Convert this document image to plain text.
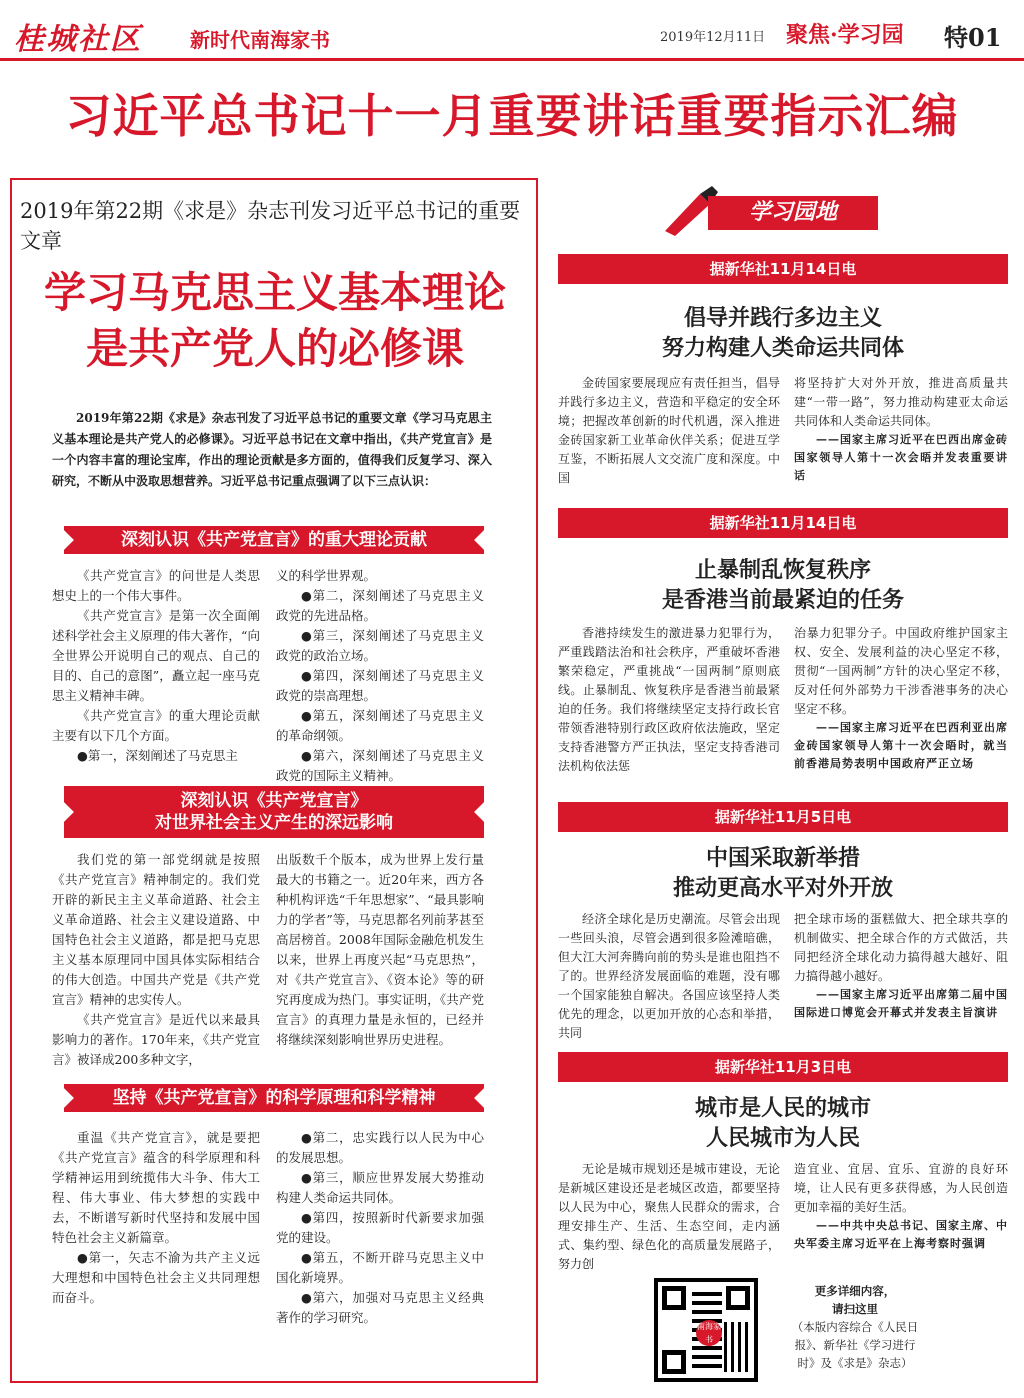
桂城社区 新时代南海家书	2019年12月11日 聚焦·学习园 特01
习近平总书记十一月重要讲话重要指示汇编
2019年第22期《求是》杂志刊发习近平总书记的重要文章
学习马克思主义基本理论
是共产党人的必修课
2019年第22期《求是》杂志刊发了习近平总书记的重要文章《学习马克思主义基本理论是共产党人的必修课》。习近平总书记在文章中指出，《共产党宣言》是一个内容丰富的理论宝库，作出的理论贡献是多方面的，值得我们反复学习、深入研究，不断从中汲取思想营养。习近平总书记重点强调了以下三点认识：
深刻认识《共产党宣言》的重大理论贡献

《共产党宣言》的问世是人类思想史上的一个伟大事件。

《共产党宣言》是第一次全面阐述科学社会主义原理的伟大著作，“向全世界公开说明自己的观点、自己的目的、自己的意图”，矗立起一座马克思主义精神丰碑。

《共产党宣言》的重大理论贡献主要有以下几个方面。

●第一，深刻阐述了马克思主

义的科学世界观。

●第二，深刻阐述了马克思主义政党的先进品格。

●第三，深刻阐述了马克思主义政党的政治立场。

●第四，深刻阐述了马克思主义政党的崇高理想。

●第五，深刻阐述了马克思主义的革命纲领。

●第六，深刻阐述了马克思主义政党的国际主义精神。

深刻认识《共产党宣言》
对世界社会主义产生的深远影响

我们党的第一部党纲就是按照《共产党宣言》精神制定的。我们党开辟的新民主主义革命道路、社会主义革命道路、社会主义建设道路、中国特色社会主义道路，都是把马克思主义基本原理同中国具体实际相结合的伟大创造。中国共产党是《共产党宣言》精神的忠实传人。

《共产党宣言》是近代以来最具影响力的著作。170年来，《共产党宣言》被译成200多种文字，

出版数千个版本，成为世界上发行量最大的书籍之一。近20年来，西方各种机构评选“千年思想家”、“最具影响力的学者”等，马克思都名列前茅甚至高居榜首。2008年国际金融危机发生以来，世界上再度兴起“马克思热”，对《共产党宣言》、《资本论》等的研究再度成为热门。事实证明，《共产党宣言》的真理力量是永恒的，已经并将继续深刻影响世界历史进程。

坚持《共产党宣言》的科学原理和科学精神

重温《共产党宣言》，就是要把《共产党宣言》蕴含的科学原理和科学精神运用到统揽伟大斗争、伟大工程、伟大事业、伟大梦想的实践中去，不断谱写新时代坚持和发展中国特色社会主义新篇章。

●第一，矢志不渝为共产主义远大理想和中国特色社会主义共同理想而奋斗。

●第二，忠实践行以人民为中心的发展思想。

●第三，顺应世界发展大势推动构建人类命运共同体。

●第四，按照新时代新要求加强党的建设。

●第五，不断开辟马克思主义中国化新境界。

●第六，加强对马克思主义经典著作的学习研究。

学习园地
据新华社11月14日电
倡导并践行多边主义
努力构建人类命运共同体

金砖国家要展现应有责任担当，倡导并践行多边主义，营造和平稳定的安全环境；把握改革创新的时代机遇，深入推进金砖国家新工业革命伙伴关系；促进互学互鉴，不断拓展人文交流广度和深度。中国

将坚持扩大对外开放，推进高质量共建“一带一路”，努力推动构建亚太命运共同体和人类命运共同体。

——国家主席习近平在巴西出席金砖国家领导人第十一次会晤并发表重要讲话

据新华社11月14日电
止暴制乱恢复秩序
是香港当前最紧迫的任务

香港持续发生的激进暴力犯罪行为，严重践踏法治和社会秩序，严重破坏香港繁荣稳定，严重挑战“一国两制”原则底线。止暴制乱、恢复秩序是香港当前最紧迫的任务。我们将继续坚定支持行政长官带领香港特别行政区政府依法施政，坚定支持香港警方严正执法，坚定支持香港司法机构依法惩

治暴力犯罪分子。中国政府维护国家主权、安全、发展利益的决心坚定不移，贯彻“一国两制”方针的决心坚定不移，反对任何外部势力干涉香港事务的决心坚定不移。

——国家主席习近平在巴西利亚出席金砖国家领导人第十一次会晤时，就当前香港局势表明中国政府严正立场

据新华社11月5日电
中国采取新举措
推动更高水平对外开放

经济全球化是历史潮流。尽管会出现一些回头浪，尽管会遇到很多险滩暗礁，但大江大河奔腾向前的势头是谁也阻挡不了的。世界经济发展面临的难题，没有哪一个国家能独自解决。各国应该坚持人类优先的理念，以更加开放的心态和举措，共同

把全球市场的蛋糕做大、把全球共享的机制做实、把全球合作的方式做活，共同把经济全球化动力搞得越大越好、阻力搞得越小越好。

——国家主席习近平出席第二届中国国际进口博览会开幕式并发表主旨演讲

据新华社11月3日电
城市是人民的城市
人民城市为人民

无论是城市规划还是城市建设，无论是新城区建设还是老城区改造，都要坚持以人民为中心，聚焦人民群众的需求，合理安排生产、生活、生态空间，走内涵式、集约型、绿色化的高质量发展路子，努力创

造宜业、宜居、宜乐、宜游的良好环境，让人民有更多获得感，为人民创造更加幸福的美好生活。

——中共中央总书记、国家主席、中央军委主席习近平在上海考察时强调

南海家书
更多详细内容，
请扫这里
（本版内容综合《人民日报》、新华社《学习进行时》及《求是》杂志）
